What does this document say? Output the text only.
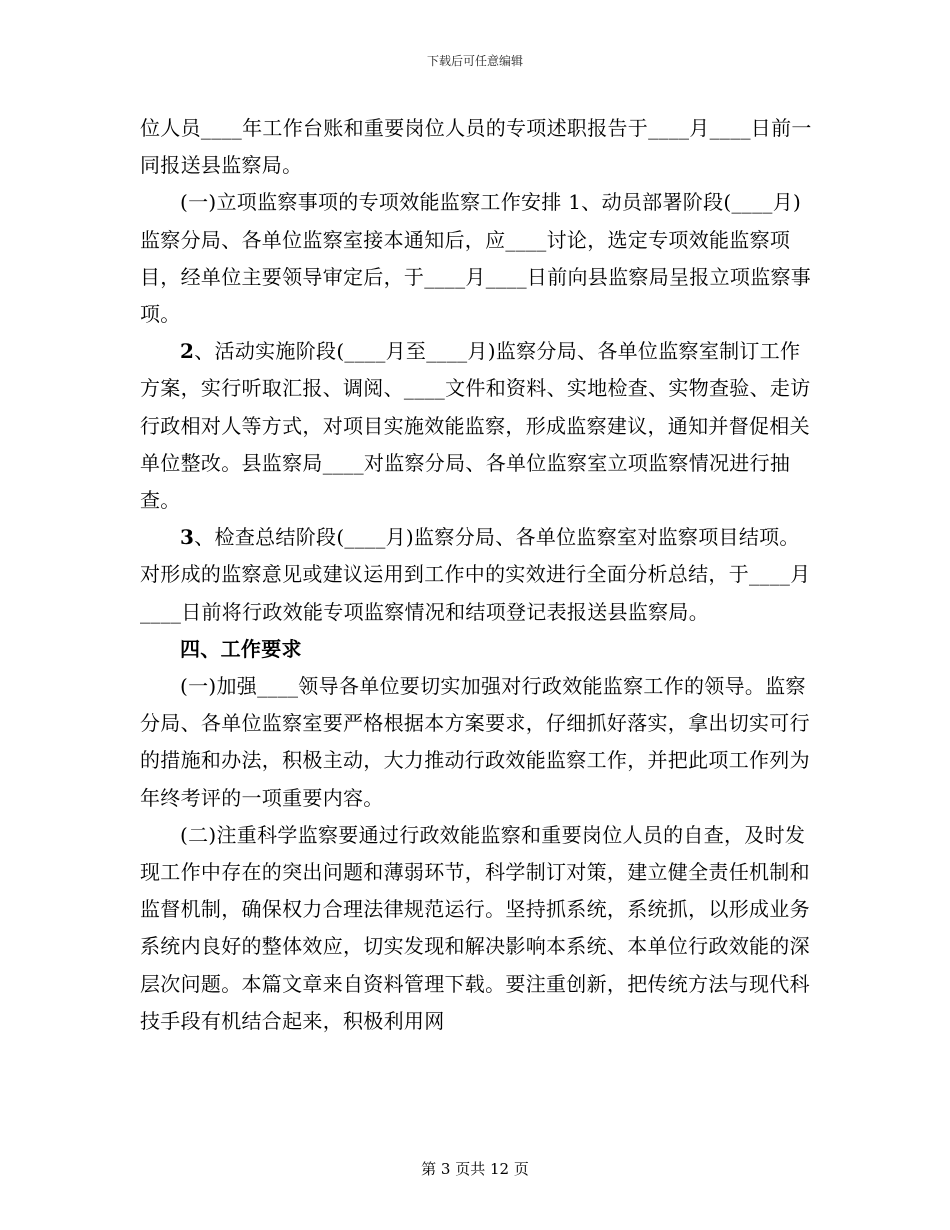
下载后可任意编辑

位人员____年工作台账和重要岗位人员的专项述职报告于____月____日前一同报送县监察局。

(一)立项监察事项的专项效能监察工作安排 1、动员部署阶段(____月)监察分局、各单位监察室接本通知后，应____讨论，选定专项效能监察项目，经单位主要领导审定后，于____月____日前向县监察局呈报立项监察事项。

2、活动实施阶段(____月至____月)监察分局、各单位监察室制订工作方案，实行听取汇报、调阅、____文件和资料、实地检查、实物查验、走访行政相对人等方式，对项目实施效能监察，形成监察建议，通知并督促相关单位整改。县监察局____对监察分局、各单位监察室立项监察情况进行抽查。

3、检查总结阶段(____月)监察分局、各单位监察室对监察项目结项。对形成的监察意见或建议运用到工作中的实效进行全面分析总结，于____月____日前将行政效能专项监察情况和结项登记表报送县监察局。

四、工作要求

(一)加强____领导各单位要切实加强对行政效能监察工作的领导。监察分局、各单位监察室要严格根据本方案要求，仔细抓好落实，拿出切实可行的措施和办法，积极主动，大力推动行政效能监察工作，并把此项工作列为年终考评的一项重要内容。

(二)注重科学监察要通过行政效能监察和重要岗位人员的自查，及时发现工作中存在的突出问题和薄弱环节，科学制订对策，建立健全责任机制和监督机制，确保权力合理法律规范运行。坚持抓系统，系统抓，以形成业务系统内良好的整体效应，切实发现和解决影响本系统、本单位行政效能的深层次问题。本篇文章来自资料管理下载。要注重创新，把传统方法与现代科技手段有机结合起来，积极利用网

第 3 页共 12 页
